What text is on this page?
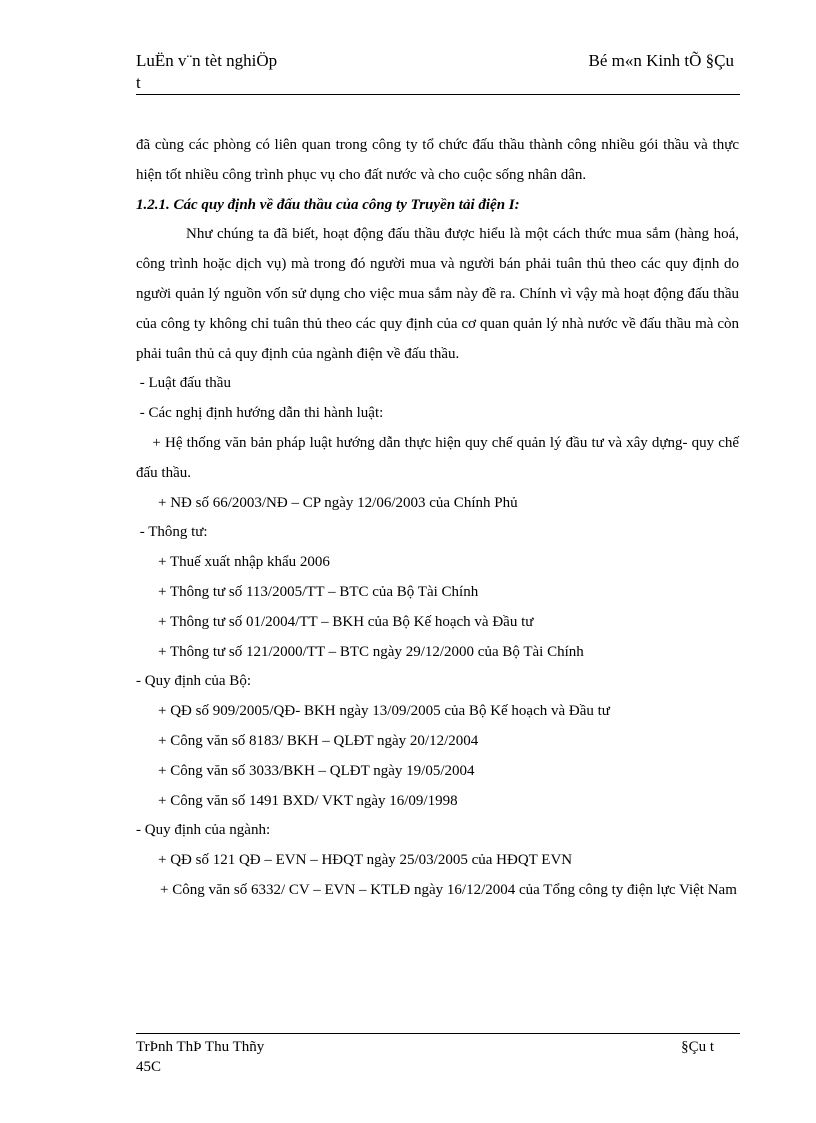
LuËn v¨n tèt nghiÖp
t
Bé m«n Kinh tÕ §Çu

đã cùng các phòng có liên quan trong công ty tổ chức đấu thầu thành công nhiều gói thầu và thực hiện tốt nhiều công trình phục vụ cho đất nước và cho cuộc sống nhân dân.

1.2.1. Các quy định về đấu thầu của công ty Truyền tải điện I:

Như chúng ta đã biết, hoạt động đấu thầu được hiểu là một cách thức mua sắm (hàng hoá, công trình hoặc dịch vụ) mà trong đó người mua và người bán phải tuân thủ theo các quy định do người quản lý nguồn vốn sử dụng cho việc mua sắm này đề ra. Chính vì vậy mà hoạt động đấu thầu của công ty không chỉ tuân thủ theo các quy định của cơ quan quản lý nhà nước về đấu thầu mà còn phải tuân thủ cả quy định của ngành điện về đấu thầu.

- Luật đấu thầu

- Các nghị định hướng dẫn thi hành luật:

+ Hệ thống văn bản pháp luật hướng dẫn thực hiện quy chế quản lý đầu tư và xây dựng- quy chế đấu thầu.

+ NĐ số 66/2003/NĐ – CP ngày 12/06/2003 của Chính Phủ

- Thông tư:

+ Thuế xuất nhập khẩu 2006

+ Thông tư số 113/2005/TT – BTC của Bộ Tài Chính

+ Thông tư số 01/2004/TT – BKH của Bộ Kế hoạch và Đầu tư

+ Thông tư số 121/2000/TT – BTC ngày 29/12/2000 của Bộ Tài Chính

- Quy định của Bộ:

+ QĐ số 909/2005/QĐ- BKH ngày 13/09/2005 của Bộ Kế hoạch và Đầu tư

+ Công văn số 8183/ BKH – QLĐT ngày 20/12/2004

+ Công văn số 3033/BKH – QLĐT ngày 19/05/2004

+ Công văn số 1491 BXD/ VKT ngày 16/09/1998

- Quy định của ngành:

+ QĐ số 121 QĐ – EVN – HĐQT ngày 25/03/2005 của HĐQT EVN

+ Công văn số 6332/ CV – EVN – KTLĐ ngày 16/12/2004 của Tổng công ty điện lực Việt Nam

TrÞnh ThÞ Thu Thñy
45C
§Çu t
